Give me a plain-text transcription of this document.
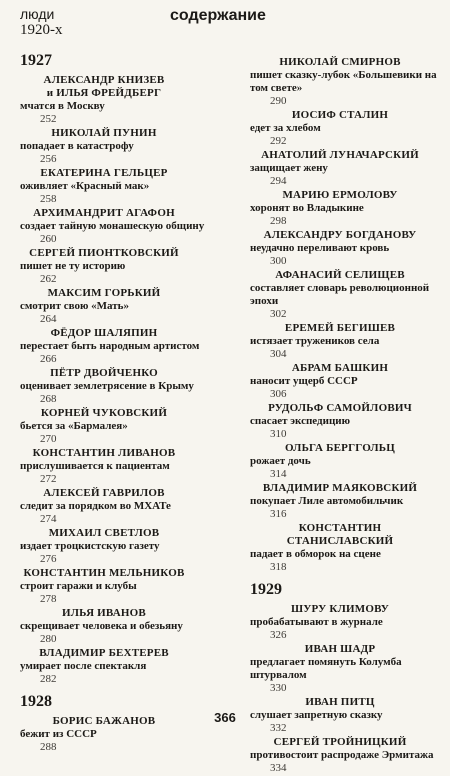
люди
1920-х
содержание
1927
АЛЕКСАНДР КНИЗЕВ
и ИЛЬЯ ФРЕЙДБЕРГ
мчатся в Москву
252
НИКОЛАЙ ПУНИН
попадает в катастрофу
256
ЕКАТЕРИНА ГЕЛЬЦЕР
оживляет «Красный мак»
258
АРХИМАНДРИТ АГАФОН
создает тайную монашескую общину
260
СЕРГЕЙ ПИОНТКОВСКИЙ
пишет не ту историю
262
МАКСИМ ГОРЬКИЙ
смотрит свою «Мать»
264
ФЁДОР ШАЛЯПИН
перестает быть народным артистом
266
ПЁТР ДВОЙЧЕНКО
оценивает землетрясение в Крыму
268
КОРНЕЙ ЧУКОВСКИЙ
бьется за «Бармалея»
270
КОНСТАНТИН ЛИВАНОВ
прислушивается к пациентам
272
АЛЕКСЕЙ ГАВРИЛОВ
следит за порядком во МХАТе
274
МИХАИЛ СВЕТЛОВ
издает троцкистскую газету
276
КОНСТАНТИН МЕЛЬНИКОВ
строит гаражи и клубы
278
ИЛЬЯ ИВАНОВ
скрещивает человека и обезьяну
280
ВЛАДИМИР БЕХТЕРЕВ
умирает после спектакля
282
1928
БОРИС БАЖАНОВ
бежит из СССР
288
НИКОЛАЙ СМИРНОВ
пишет сказку-лубок «Большевики на том свете»
290
ИОСИФ СТАЛИН
едет за хлебом
292
АНАТОЛИЙ ЛУНАЧАРСКИЙ
защищает жену
294
МАРИЮ ЕРМОЛОВУ
хоронят во Владыкине
298
АЛЕКСАНДРУ БОГДАНОВУ
неудачно переливают кровь
300
АФАНАСИЙ СЕЛИЩЕВ
составляет словарь революционной эпохи
302
ЕРЕМЕЙ БЕГИШЕВ
истязает тружеников села
304
АБРАМ БАШКИН
наносит ущерб СССР
306
РУДОЛЬФ САМОЙЛОВИЧ
спасает экспедицию
310
ОЛЬГА БЕРГГОЛЬЦ
рожает дочь
314
ВЛАДИМИР МАЯКОВСКИЙ
покупает Лиле автомобильчик
316
КОНСТАНТИН СТАНИСЛАВСКИЙ
падает в обморок на сцене
318
1929
ШУРУ КЛИМОВУ
пробабатывают в журнале
326
ИВАН ШАДР
предлагает помянуть Колумба штурвалом
330
ИВАН ПИТЦ
слушает запретную сказку
332
СЕРГЕЙ ТРОЙНИЦКИЙ
противостоит распродаже Эрмитажа
334
366
